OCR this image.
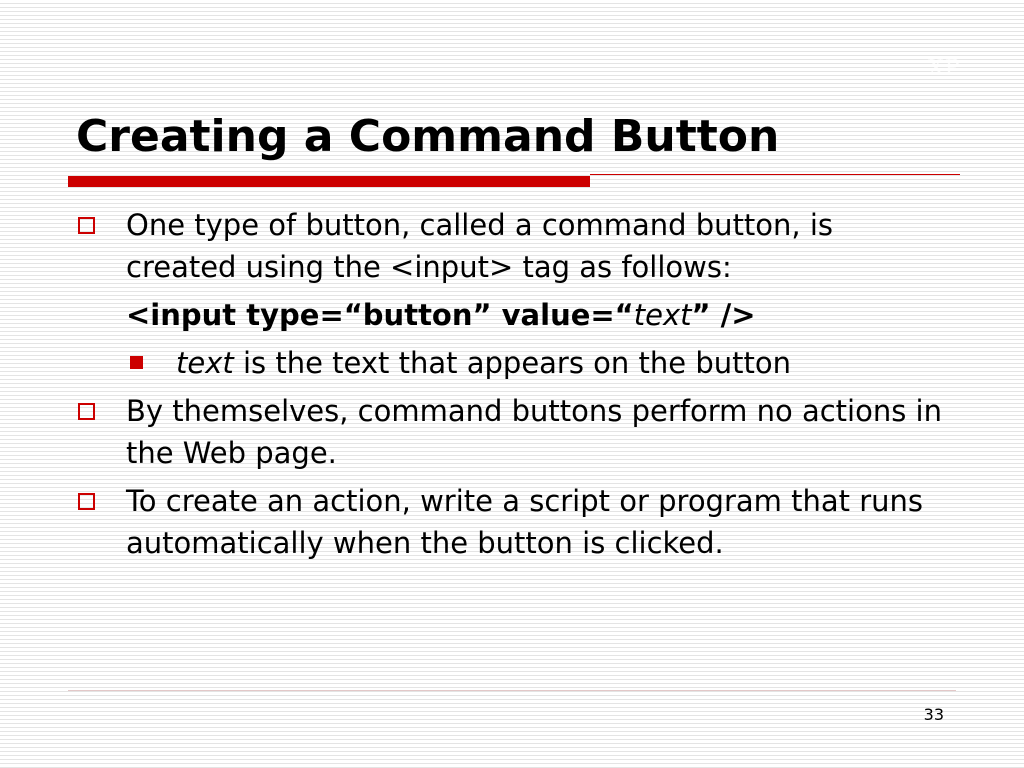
XP
Creating a Command Button
One type of button, called a command button, is created using the <input> tag as follows:
<input type=“button” value=“text” />
text is the text that appears on the button
By themselves, command buttons perform no actions in the Web page.
To create an action, write a script or program that runs automatically when the button is clicked.
33
